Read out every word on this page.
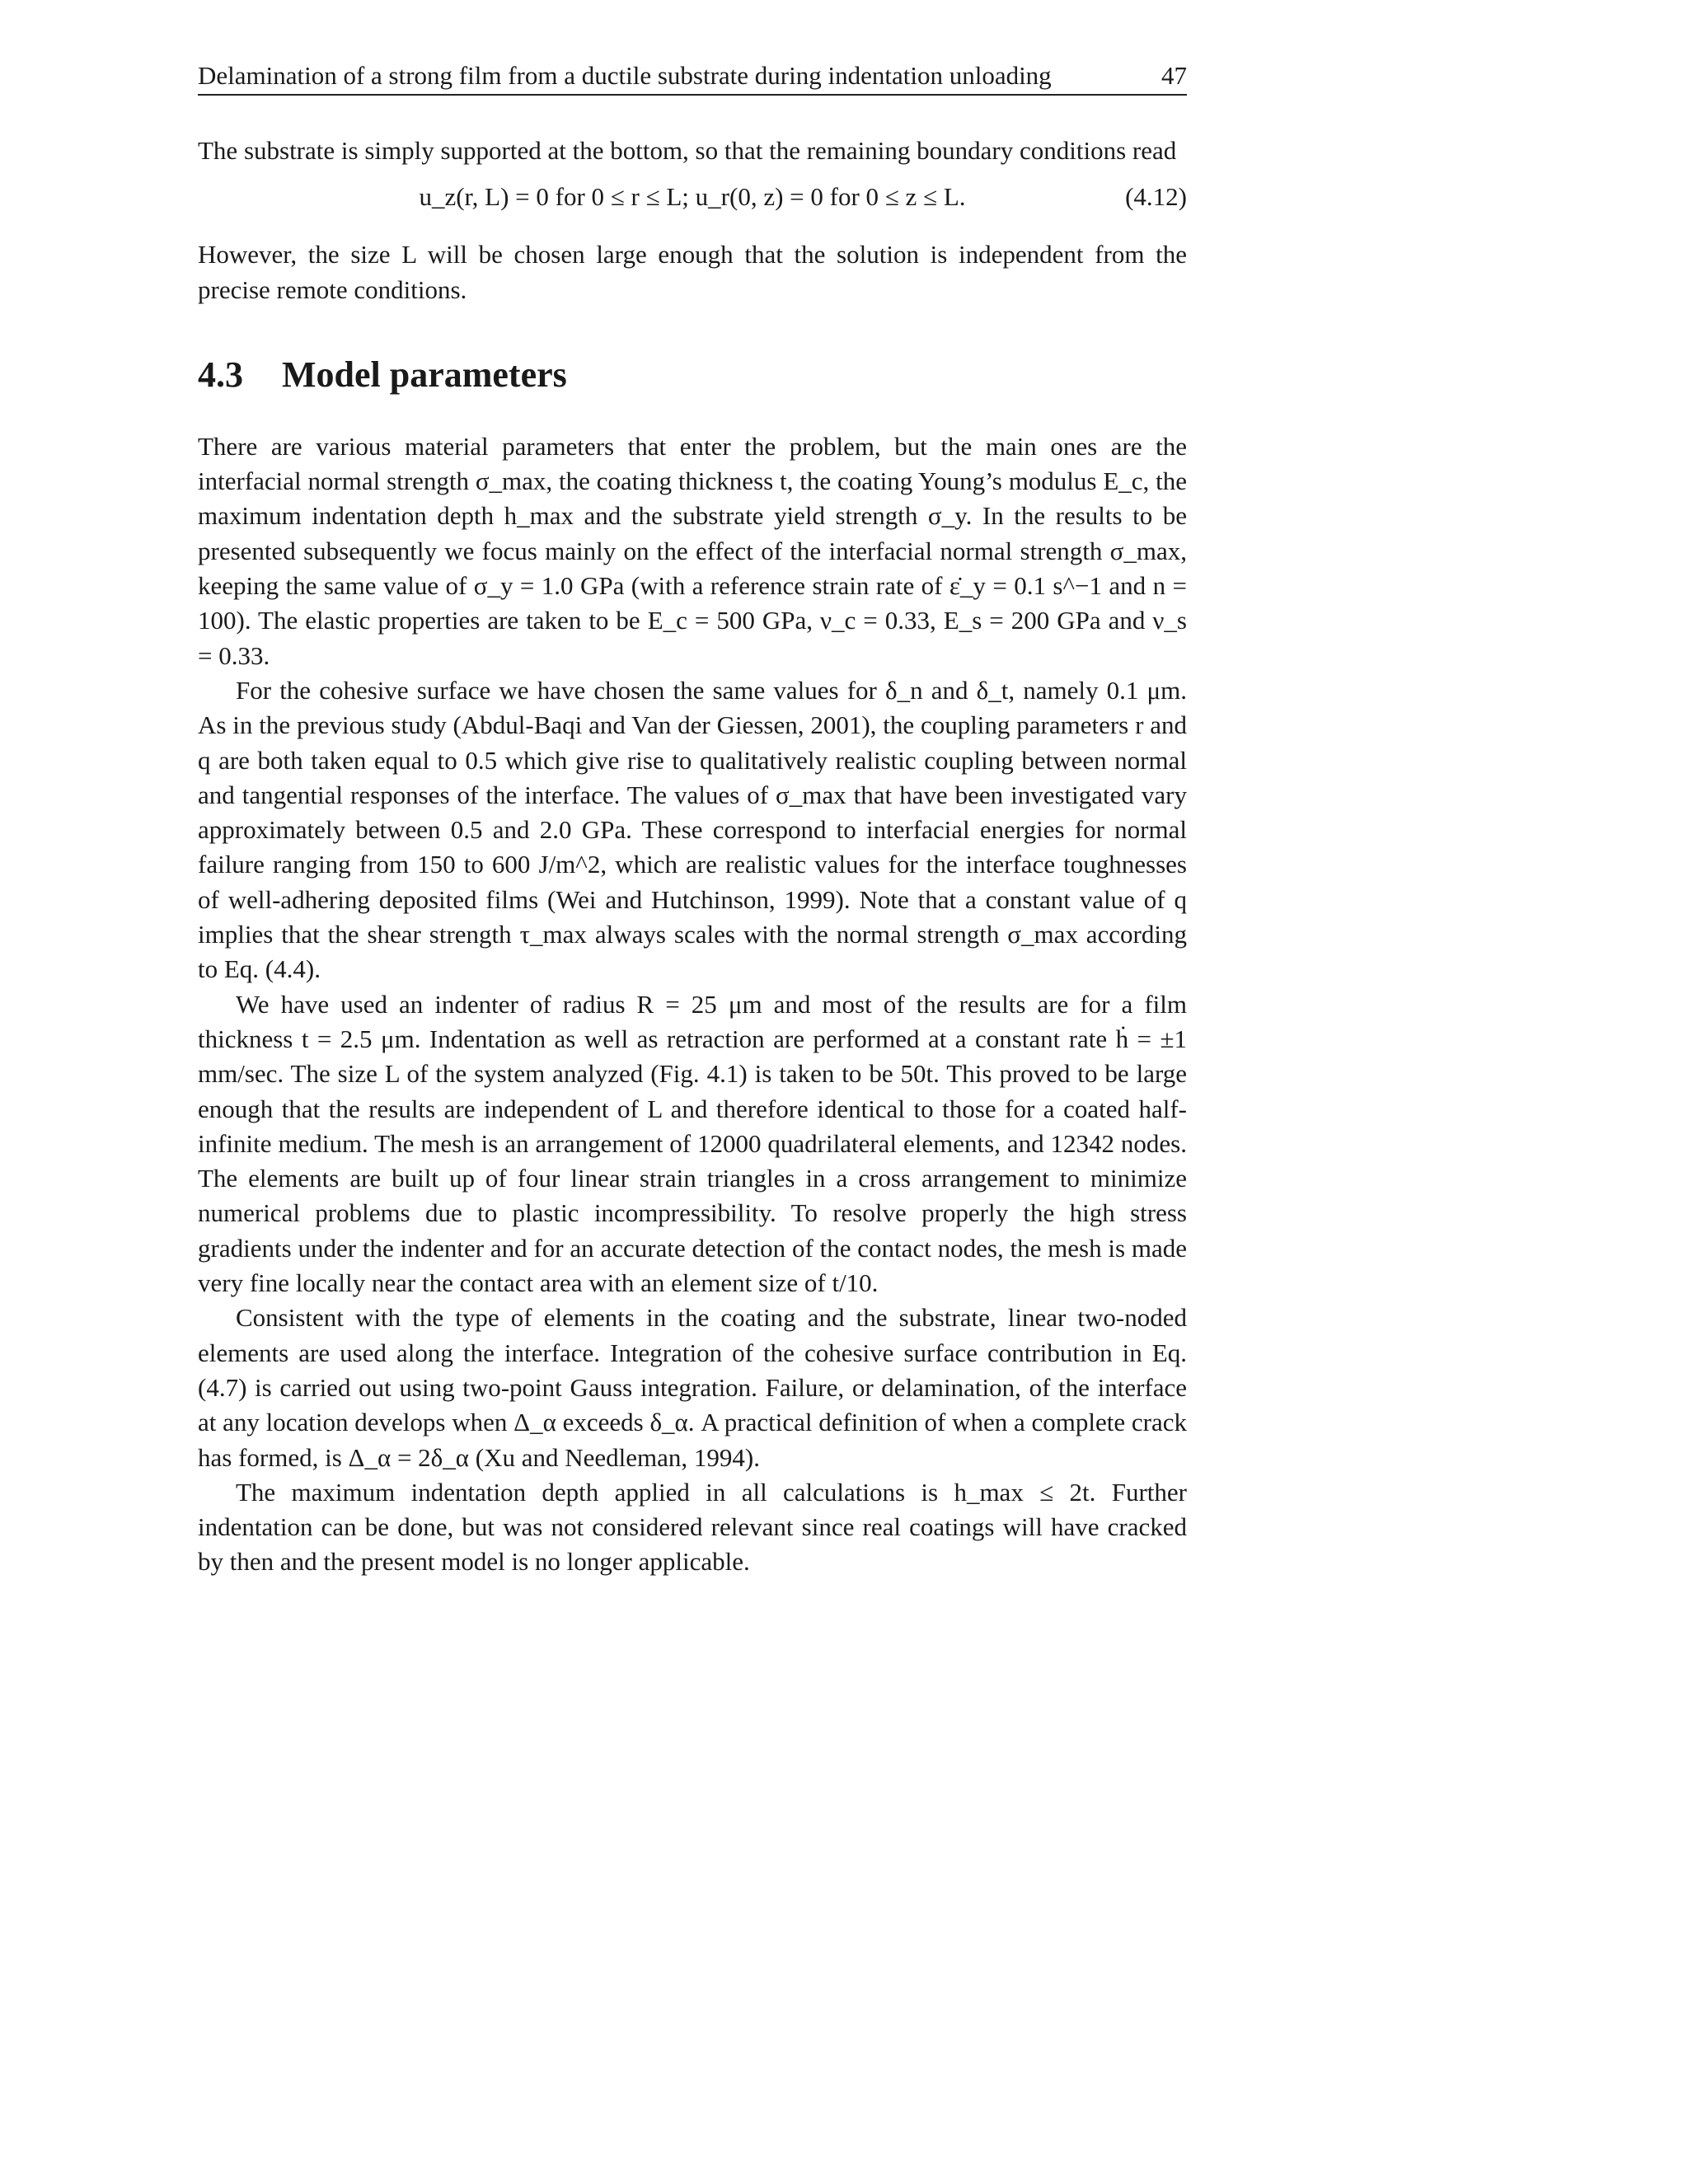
Delamination of a strong film from a ductile substrate during indentation unloading	47

The substrate is simply supported at the bottom, so that the remaining boundary conditions read

u_z(r, L) = 0 for 0 ≤ r ≤ L; u_r(0, z) = 0 for 0 ≤ z ≤ L.	(4.12)

However, the size L will be chosen large enough that the solution is independent from the precise remote conditions.

4.3 Model parameters

There are various material parameters that enter the problem, but the main ones are the interfacial normal strength σ_max, the coating thickness t, the coating Young’s modulus E_c, the maximum indentation depth h_max and the substrate yield strength σ_y. In the results to be presented subsequently we focus mainly on the effect of the interfacial normal strength σ_max, keeping the same value of σ_y = 1.0 GPa (with a reference strain rate of ε̇_y = 0.1 s^−1 and n = 100). The elastic properties are taken to be E_c = 500 GPa, ν_c = 0.33, E_s = 200 GPa and ν_s = 0.33.

For the cohesive surface we have chosen the same values for δ_n and δ_t, namely 0.1 μm. As in the previous study (Abdul-Baqi and Van der Giessen, 2001), the coupling parameters r and q are both taken equal to 0.5 which give rise to qualitatively realistic coupling between normal and tangential responses of the interface. The values of σ_max that have been investigated vary approximately between 0.5 and 2.0 GPa. These correspond to interfacial energies for normal failure ranging from 150 to 600 J/m^2, which are realistic values for the interface toughnesses of well-adhering deposited films (Wei and Hutchinson, 1999). Note that a constant value of q implies that the shear strength τ_max always scales with the normal strength σ_max according to Eq. (4.4).

We have used an indenter of radius R = 25 μm and most of the results are for a film thickness t = 2.5 μm. Indentation as well as retraction are performed at a constant rate ḣ = ±1 mm/sec. The size L of the system analyzed (Fig. 4.1) is taken to be 50t. This proved to be large enough that the results are independent of L and therefore identical to those for a coated half-infinite medium. The mesh is an arrangement of 12000 quadrilateral elements, and 12342 nodes. The elements are built up of four linear strain triangles in a cross arrangement to minimize numerical problems due to plastic incompressibility. To resolve properly the high stress gradients under the indenter and for an accurate detection of the contact nodes, the mesh is made very fine locally near the contact area with an element size of t/10.

Consistent with the type of elements in the coating and the substrate, linear two-noded elements are used along the interface. Integration of the cohesive surface contribution in Eq. (4.7) is carried out using two-point Gauss integration. Failure, or delamination, of the interface at any location develops when Δ_α exceeds δ_α. A practical definition of when a complete crack has formed, is Δ_α = 2δ_α (Xu and Needleman, 1994).

The maximum indentation depth applied in all calculations is h_max ≤ 2t. Further indentation can be done, but was not considered relevant since real coatings will have cracked by then and the present model is no longer applicable.
